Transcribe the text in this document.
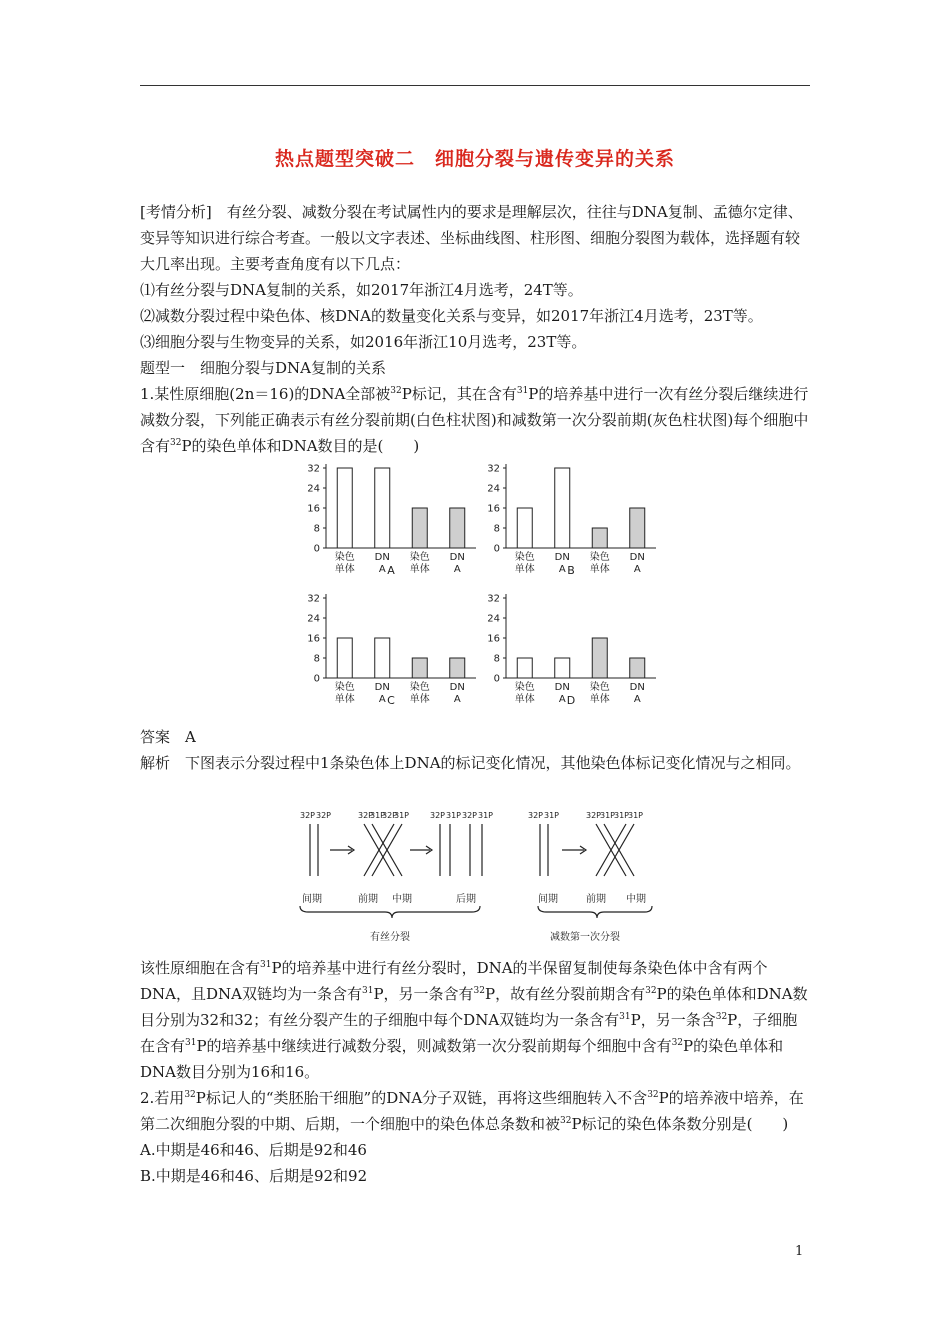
热点题型突破二　细胞分裂与遗传变异的关系

[考情分析]　 有丝分裂、减数分裂在考试属性内的要求是理解层次，往往与DNA复制、孟德尔定律、变异等知识进行综合考查。一般以文字表述、坐标曲线图、柱形图、细胞分裂图为载体，选择题有较大几率出现。主要考查角度有以下几点：

⑴有丝分裂与DNA复制的关系，如2017年浙江4月选考，24T等。

⑵减数分裂过程中染色体、核DNA的数量变化关系与变异，如2017年浙江4月选考，23T等。

⑶细胞分裂与生物变异的关系，如2016年浙江10月选考，23T等。

题型一　细胞分裂与DNA复制的关系

1.某性原细胞(2n＝16)的DNA全部被$^{32}$P标记，其在含有$^{31}$P的培养基中进行一次有丝分裂后继续进行减数分裂，下列能正确表示有丝分裂前期(白色柱状图)和减数第一次分裂前期(灰色柱状图)每个细胞中含有$^{32}$P的染色单体和DNA数目的是(　　)

0
8
16
24
32
染色
单体
DN
A
染色
单体
DN
A
A
0
8
16
24
32
染色
单体
DN
A
染色
单体
DN
A
B
0
8
16
24
32
染色
单体
DN
A
染色
单体
DN
A
C
0
8
16
24
32
染色
单体
DN
A
染色
单体
DN
A
D

答案　A

解析　下图表示分裂过程中1条染色体上DNA的标记变化情况，其他染色体标记变化情况与之相同。

32P 32P	32P
31P
32P
31P	32P 31P 32P 31P	32P 31P	32P
31P
31P
31P
间期	前期 中期	后期	间期	前期 中期
有丝分裂	减数第一次分裂

该性原细胞在含有$^{31}$P的培养基中进行有丝分裂时，DNA的半保留复制使每条染色体中含有两个DNA，且DNA双链均为一条含有$^{31}$P，另一条含有$^{32}$P，故有丝分裂前期含有$^{32}$P的染色单体和DNA数目分别为32和32；有丝分裂产生的子细胞中每个DNA双链均为一条含有$^{31}$P，另一条含$^{32}$P，子细胞在含有$^{31}$P的培养基中继续进行减数分裂，则减数第一次分裂前期每个细胞中含有$^{32}$P的染色单体和DNA数目分别为16和16。

2.若用$^{32}$P标记人的“类胚胎干细胞”的DNA分子双链，再将这些细胞转入不含$^{32}$P的培养液中培养，在第二次细胞分裂的中期、后期，一个细胞中的染色体总条数和被$^{32}$P标记的染色体条数分别是(　　)

A.中期是46和46、后期是92和46

B.中期是46和46、后期是92和92

1
